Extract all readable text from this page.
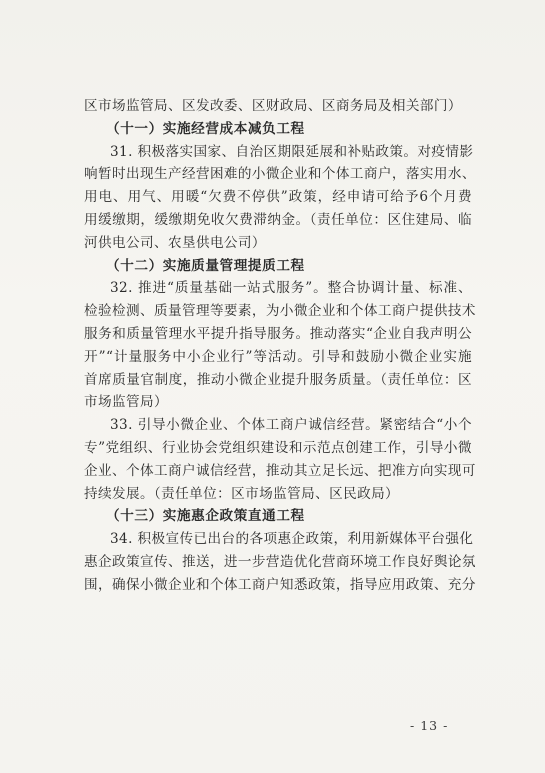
区市场监管局、区发改委、区财政局、区商务局及相关部门）
（十一）实施经营成本减负工程
31. 积极落实国家、自治区期限延展和补贴政策。对疫情影
响暂时出现生产经营困难的小微企业和个体工商户，落实用水、
用电、用气、用暖“欠费不停供”政策，经申请可给予6个月费
用缓缴期，缓缴期免收欠费滞纳金。（责任单位：区住建局、临
河供电公司、农垦供电公司）
（十二）实施质量管理提质工程
32. 推进“质量基础一站式服务”。整合协调计量、标准、
检验检测、质量管理等要素，为小微企业和个体工商户提供技术
服务和质量管理水平提升指导服务。推动落实“企业自我声明公
开”“计量服务中小企业行”等活动。引导和鼓励小微企业实施
首席质量官制度，推动小微企业提升服务质量。（责任单位：区
市场监管局）
33. 引导小微企业、个体工商户诚信经营。紧密结合“小个
专”党组织、行业协会党组织建设和示范点创建工作，引导小微
企业、个体工商户诚信经营，推动其立足长远、把准方向实现可
持续发展。（责任单位：区市场监管局、区民政局）
（十三）实施惠企政策直通工程
34. 积极宣传已出台的各项惠企政策，利用新媒体平台强化
惠企政策宣传、推送，进一步营造优化营商环境工作良好舆论氛
围，确保小微企业和个体工商户知悉政策，指导应用政策、充分
- 13 -
